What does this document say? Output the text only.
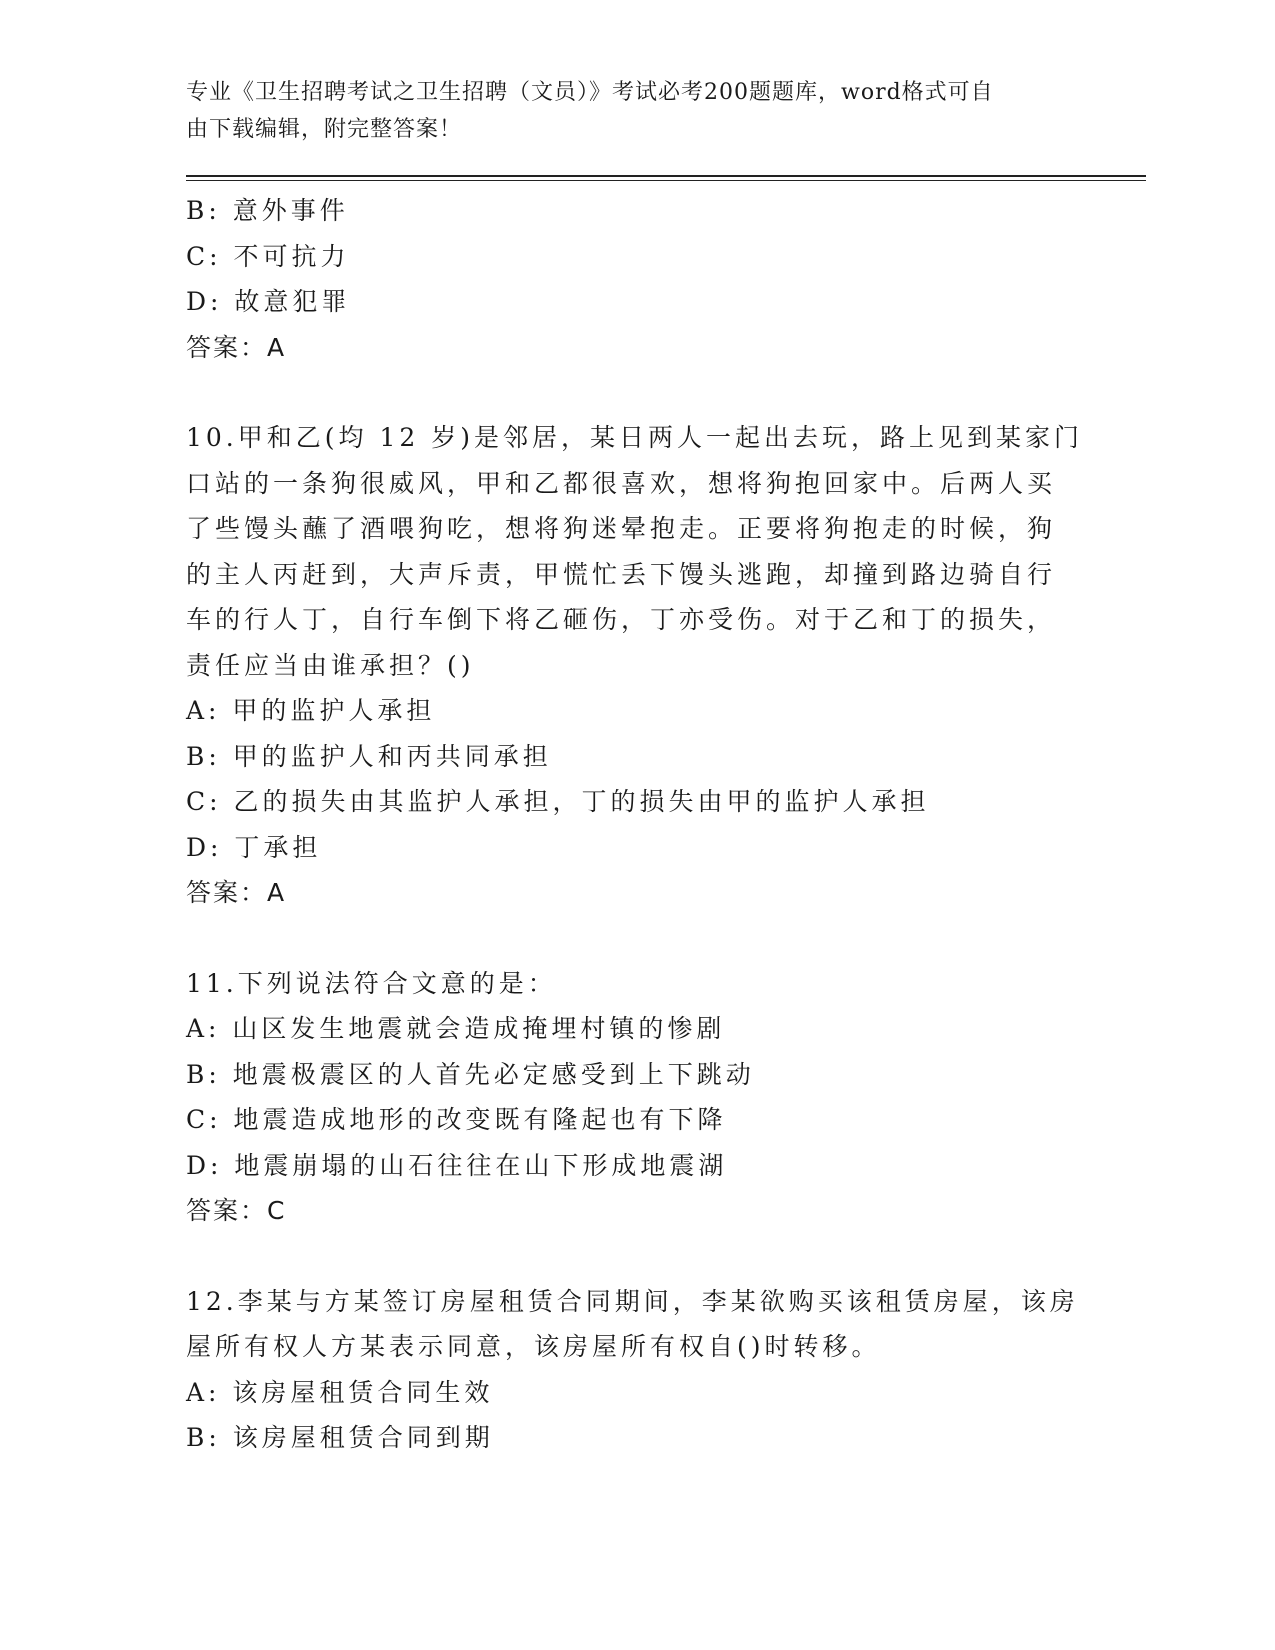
专业《卫生招聘考试之卫生招聘（文员）》考试必考200题题库，word格式可自
由下载编辑，附完整答案！
B: 意外事件
C: 不可抗力
D: 故意犯罪
答案：A
10.甲和乙(均 12 岁)是邻居，某日两人一起出去玩，路上见到某家门
口站的一条狗很威风，甲和乙都很喜欢，想将狗抱回家中。后两人买
了些馒头蘸了酒喂狗吃，想将狗迷晕抱走。正要将狗抱走的时候，狗
的主人丙赶到，大声斥责，甲慌忙丢下馒头逃跑，却撞到路边骑自行
车的行人丁，自行车倒下将乙砸伤，丁亦受伤。对于乙和丁的损失，
责任应当由谁承担？()
A: 甲的监护人承担
B: 甲的监护人和丙共同承担
C: 乙的损失由其监护人承担，丁的损失由甲的监护人承担
D: 丁承担
答案：A
11.下列说法符合文意的是：
A: 山区发生地震就会造成掩埋村镇的惨剧
B: 地震极震区的人首先必定感受到上下跳动
C: 地震造成地形的改变既有隆起也有下降
D: 地震崩塌的山石往往在山下形成地震湖
答案：C
12.李某与方某签订房屋租赁合同期间，李某欲购买该租赁房屋，该房
屋所有权人方某表示同意，该房屋所有权自()时转移。
A: 该房屋租赁合同生效
B: 该房屋租赁合同到期
